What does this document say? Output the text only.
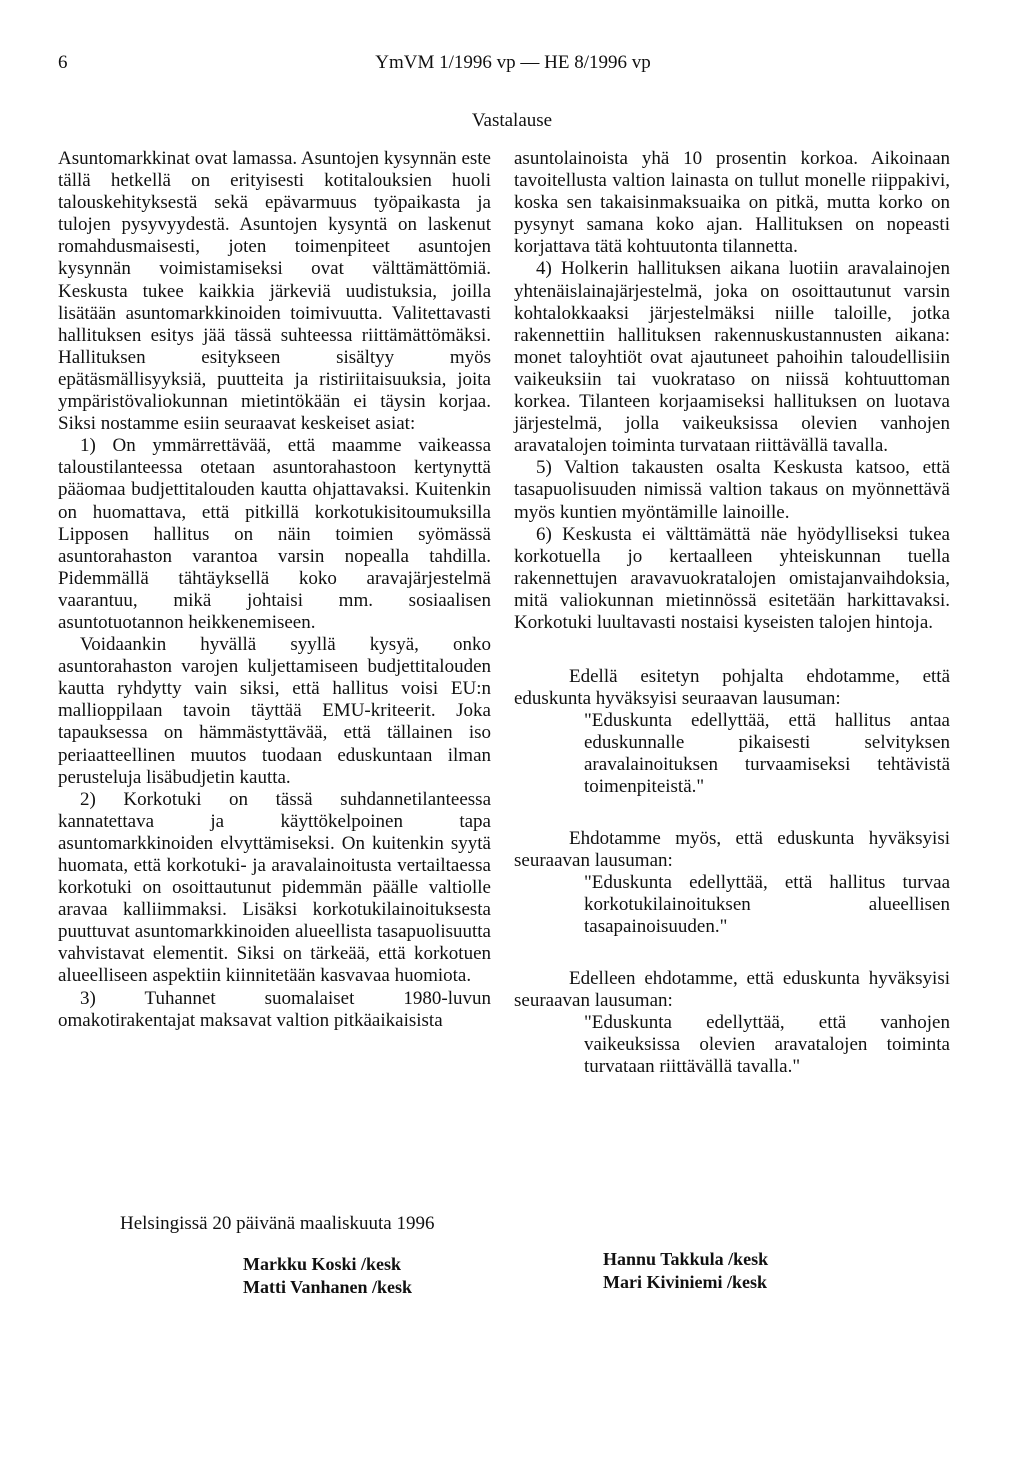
6	YmVM 1/1996 vp — HE 8/1996 vp
Vastalause

Asuntomarkkinat ovat lamassa. Asuntojen kysynnän este tällä hetkellä on erityisesti kotitalouksien huoli talouskehityksestä sekä epävarmuus työpaikasta ja tulojen pysyvyydestä. Asuntojen kysyntä on laskenut romahdusmaisesti, joten toimenpiteet asuntojen kysynnän voimistamiseksi ovat välttämättömiä. Keskusta tukee kaikkia järkeviä uudistuksia, joilla lisätään asuntomarkkinoiden toimivuutta. Valitettavasti hallituksen esitys jää tässä suhteessa riittämättömäksi. Hallituksen esitykseen sisältyy myös epätäsmällisyyksiä, puutteita ja ristiriitaisuuksia, joita ympäristövaliokunnan mietintökään ei täysin korjaa. Siksi nostamme esiin seuraavat keskeiset asiat:

1) On ymmärrettävää, että maamme vaikeassa taloustilanteessa otetaan asuntorahastoon kertynyttä pääomaa budjettitalouden kautta ohjattavaksi. Kuitenkin on huomattava, että pitkillä korkotukisitoumuksilla Lipposen hallitus on näin toimien syömässä asuntorahaston varantoa varsin nopealla tahdilla. Pidemmällä tähtäyksellä koko aravajärjestelmä vaarantuu, mikä johtaisi mm. sosiaalisen asuntotuotannon heikkenemiseen.

Voidaankin hyvällä syyllä kysyä, onko asuntorahaston varojen kuljettamiseen budjettitalouden kautta ryhdytty vain siksi, että hallitus voisi EU:n mallioppilaan tavoin täyttää EMU-kriteerit. Joka tapauksessa on hämmästyttävää, että tällainen iso periaatteellinen muutos tuodaan eduskuntaan ilman perusteluja lisäbudjetin kautta.

2) Korkotuki on tässä suhdannetilanteessa kannatettava ja käyttökelpoinen tapa asuntomarkkinoiden elvyttämiseksi. On kuitenkin syytä huomata, että korkotuki- ja aravalainoitusta vertailtaessa korkotuki on osoittautunut pidemmän päälle valtiolle aravaa kalliimmaksi. Lisäksi korkotukilainoituksesta puuttuvat asuntomarkkinoiden alueellista tasapuolisuutta vahvistavat elementit. Siksi on tärkeää, että korkotuen alueelliseen aspektiin kiinnitetään kasvavaa huomiota.

3) Tuhannet suomalaiset 1980-luvun omakotirakentajat maksavat valtion pitkäaikaisista

asuntolainoista yhä 10 prosentin korkoa. Aikoinaan tavoitellusta valtion lainasta on tullut monelle riippakivi, koska sen takaisinmaksuaika on pitkä, mutta korko on pysynyt samana koko ajan. Hallituksen on nopeasti korjattava tätä kohtuutonta tilannetta.

4) Holkerin hallituksen aikana luotiin aravalainojen yhtenäislainajärjestelmä, joka on osoittautunut varsin kohtalokkaaksi järjestelmäksi niille taloille, jotka rakennettiin hallituksen rakennuskustannusten aikana: monet taloyhtiöt ovat ajautuneet pahoihin taloudellisiin vaikeuksiin tai vuokrataso on niissä kohtuuttoman korkea. Tilanteen korjaamiseksi hallituksen on luotava järjestelmä, jolla vaikeuksissa olevien vanhojen aravatalojen toiminta turvataan riittävällä tavalla.

5) Valtion takausten osalta Keskusta katsoo, että tasapuolisuuden nimissä valtion takaus on myönnettävä myös kuntien myöntämille lainoille.

6) Keskusta ei välttämättä näe hyödylliseksi tukea korkotuella jo kertaalleen yhteiskunnan tuella rakennettujen aravavuokratalojen omistajanvaihdoksia, mitä valiokunnan mietinnössä esitetään harkittavaksi. Korkotuki luultavasti nostaisi kyseisten talojen hintoja.

Edellä esitetyn pohjalta ehdotamme, että eduskunta hyväksyisi seuraavan lausuman:

"Eduskunta edellyttää, että hallitus antaa eduskunnalle pikaisesti selvityksen aravalainoituksen turvaamiseksi tehtävistä toimenpiteistä."

Ehdotamme myös, että eduskunta hyväksyisi seuraavan lausuman:

"Eduskunta edellyttää, että hallitus turvaa korkotukilainoituksen alueellisen tasapainoisuuden."

Edelleen ehdotamme, että eduskunta hyväksyisi seuraavan lausuman:

"Eduskunta edellyttää, että vanhojen vaikeuksissa olevien aravatalojen toiminta turvataan riittävällä tavalla."

Helsingissä 20 päivänä maaliskuuta 1996
Markku Koski /kesk
Matti Vanhanen /kesk
Hannu Takkula /kesk
Mari Kiviniemi /kesk
